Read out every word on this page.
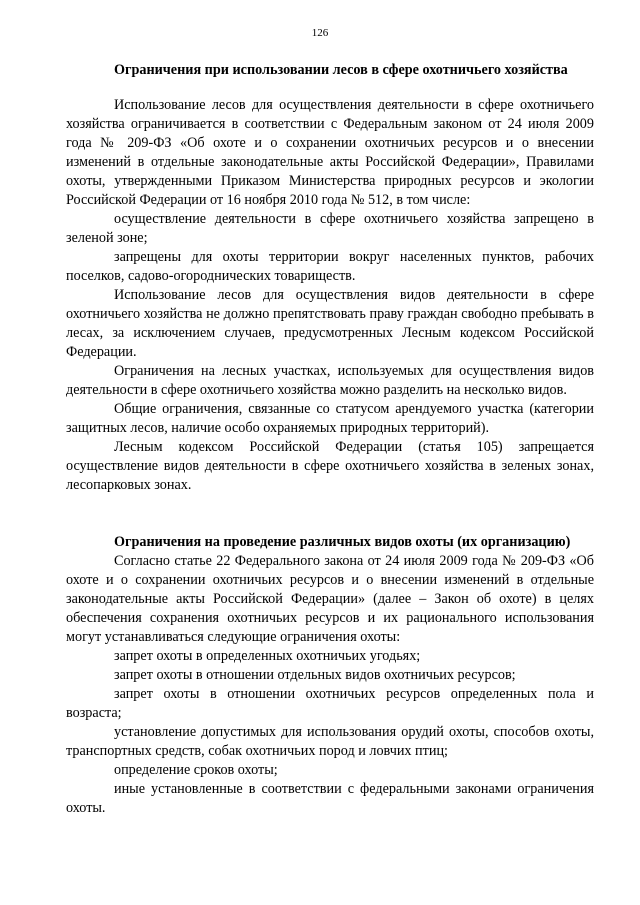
126

Ограничения при использовании лесов в сфере охотничьего хозяйства

Использование лесов для осуществления деятельности в сфере охотничьего хозяйства ограничивается в соответствии с Федеральным законом от 24 июля 2009 года № 209-ФЗ «Об охоте и о сохранении охотничьих ресурсов и о внесении изменений в отдельные законодательные акты Российской Федерации», Правилами охоты, утвержденными Приказом Министерства природных ресурсов и экологии Российской Федерации от 16 ноября 2010 года № 512, в том числе:

осуществление деятельности в сфере охотничьего хозяйства запрещено в зеленой зоне;

запрещены для охоты территории вокруг населенных пунктов, рабочих поселков, садово-огороднических товариществ.

Использование лесов для осуществления видов деятельности в сфере охотничьего хозяйства не должно препятствовать праву граждан свободно пребывать в лесах, за исключением случаев, предусмотренных Лесным кодексом Российской Федерации.

Ограничения на лесных участках, используемых для осуществления видов деятельности в сфере охотничьего хозяйства можно разделить на несколько видов.

Общие ограничения, связанные со статусом арендуемого участка (категории защитных лесов, наличие особо охраняемых природных территорий).

Лесным кодексом Российской Федерации (статья 105) запрещается осуществление видов деятельности в сфере охотничьего хозяйства в зеленых зонах, лесопарковых зонах.

Ограничения на проведение различных видов охоты (их организацию)

Согласно статье 22 Федерального закона от 24 июля 2009 года № 209-ФЗ «Об охоте и о сохранении охотничьих ресурсов и о внесении изменений в отдельные законодательные акты Российской Федерации» (далее – Закон об охоте) в целях обеспечения сохранения охотничьих ресурсов и их рационального использования могут устанавливаться следующие ограничения охоты:

запрет охоты в определенных охотничьих угодьях;

запрет охоты в отношении отдельных видов охотничьих ресурсов;

запрет охоты в отношении охотничьих ресурсов определенных пола и возраста;

установление допустимых для использования орудий охоты, способов охоты, транспортных средств, собак охотничьих пород и ловчих птиц;

определение сроков охоты;

иные установленные в соответствии с федеральными законами ограничения охоты.
